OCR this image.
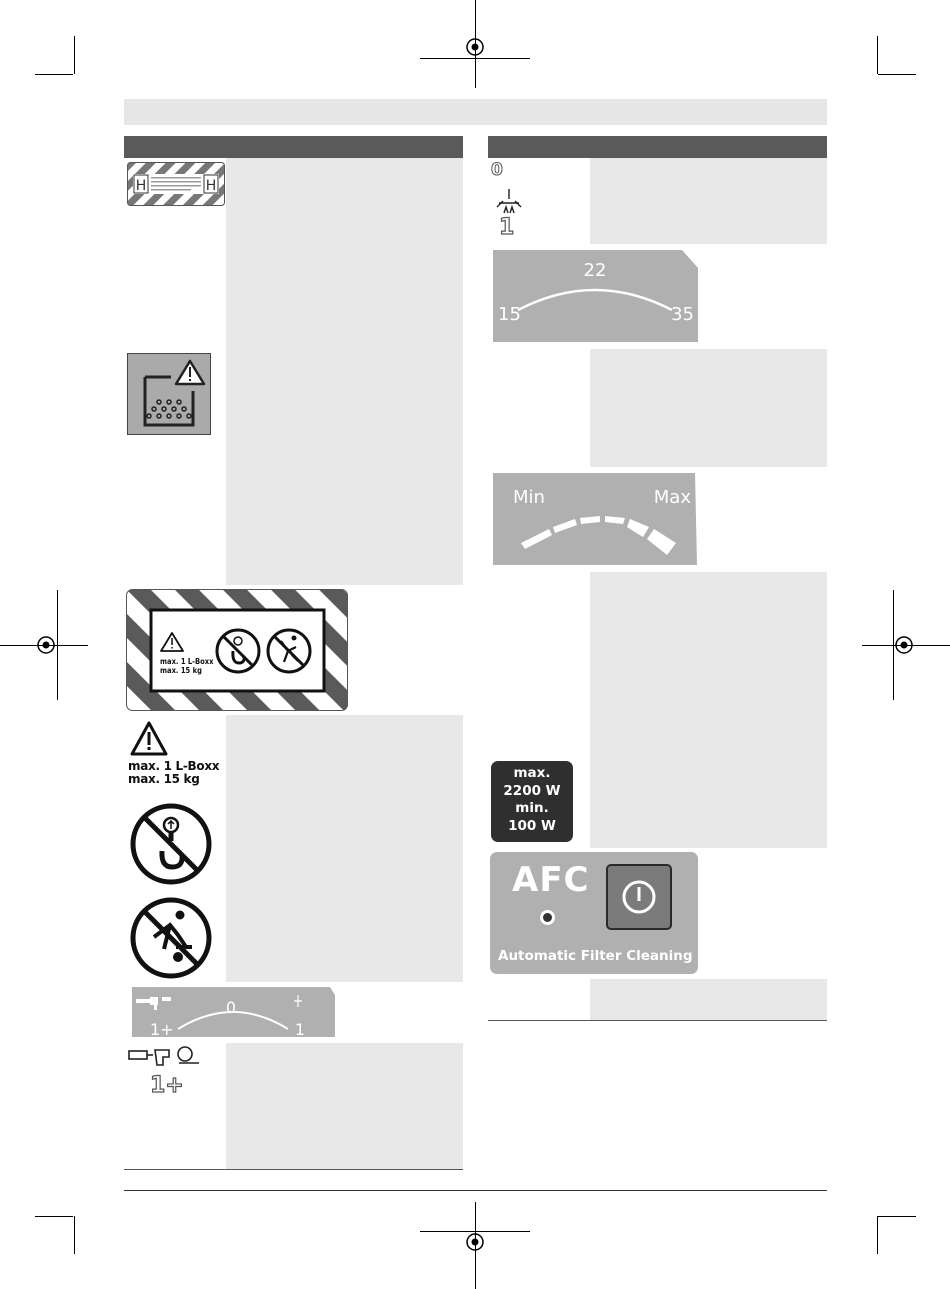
H	H
max. 1 L-Boxx
max. 15 kg
max. 1 L-Boxx
max. 15 kg
1+
0
1
1+
0
1
15
22
35
Min	Max
max.
2200 W
min.
100 W
AFC
Automatic Filter Cleaning
